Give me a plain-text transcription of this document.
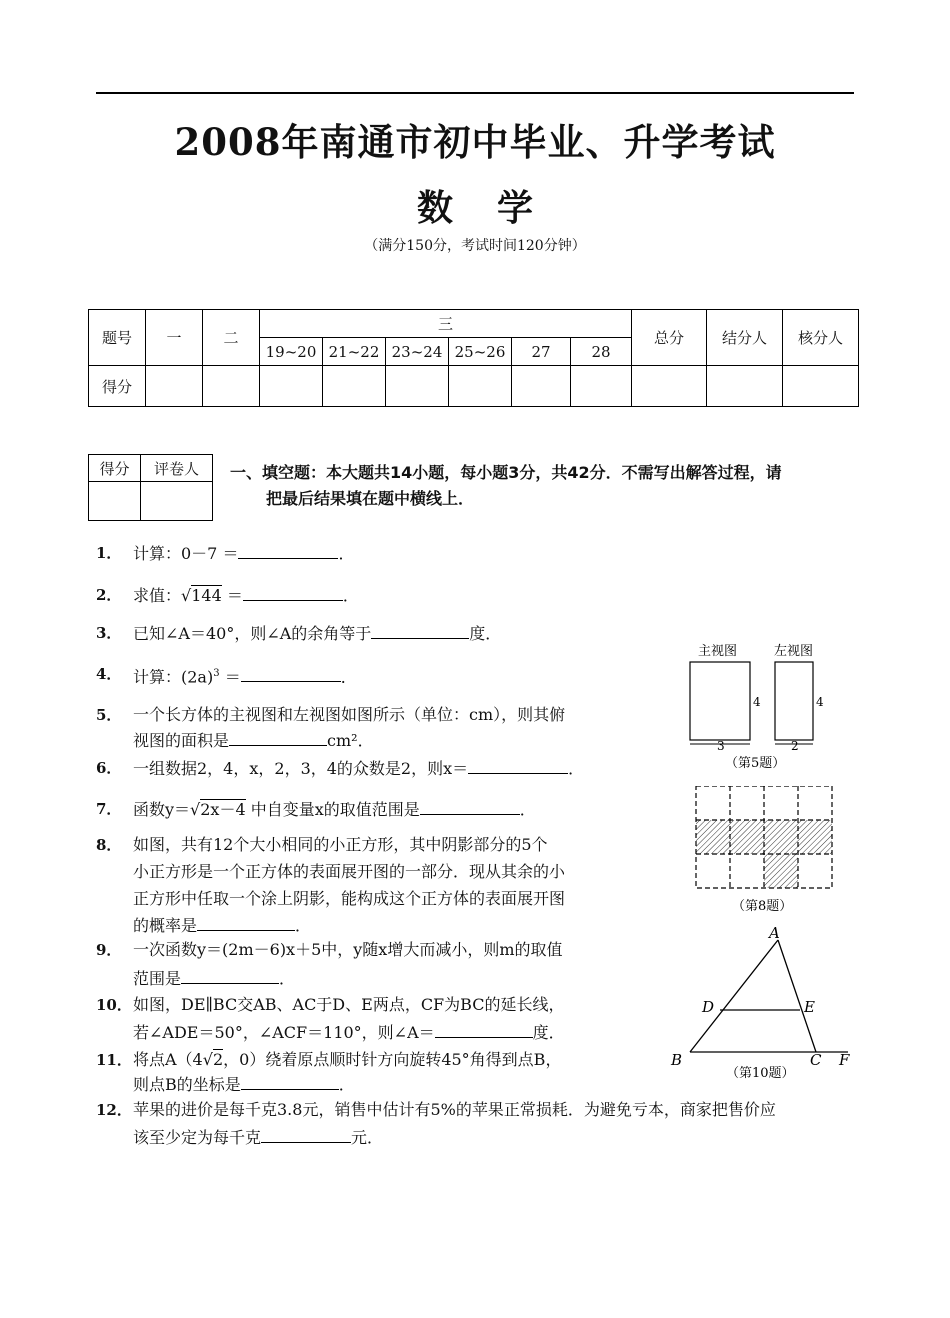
2008年南通市初中毕业、升学考试
数学
（满分150分，考试时间120分钟）
题号	一	二	三						总分	结分人	核分人
			19~20	21~22	23~24	25~26	27	28			
得分											
得分	评卷人
	一、填空题：本大题共14小题，每小题3分，共42分．不需写出解答过程，请
把最后结果填在题中横线上．
1． 计算：0－7 ＝	．
2． 求值：√144 ＝	．
3． 已知∠A＝40°，则∠A的余角等于	度．
4． 计算：$(2a)^3$ ＝	．
5． 一个长方体的主视图和左视图如图所示（单位：cm），则其俯
视图的面积是	cm²．
6． 一组数据2，4，x，2，3，4的众数是2，则x＝	．
7． 函数y＝√2x－4 中自变量x的取值范围是	．
8． 如图，共有12个大小相同的小正方形，其中阴影部分的5个
小正方形是一个正方体的表面展开图的一部分．现从其余的小
正方形中任取一个涂上阴影，能构成这个正方体的表面展开图
的概率是	．
9． 一次函数y＝(2m－6)x＋5中，y随x增大而减小，则m的取值
范围是	．
10． 如图，DE∥BC交AB、AC于D、E两点，CF为BC的延长线，
若∠ADE＝50°，∠ACF＝110°，则∠A＝	度．
11． 将点A（4√2，0）绕着原点顺时针方向旋转45°角得到点B，
则点B的坐标是	．
12． 苹果的进价是每千克3.8元，销售中估计有5%的苹果正常损耗．为避免亏本，商家把售价应
该至少定为每千克	元．
主视图	左视图
4	4
3	2
（第5题）
（第8题）
A
D	E
B	C F
（第10题）
